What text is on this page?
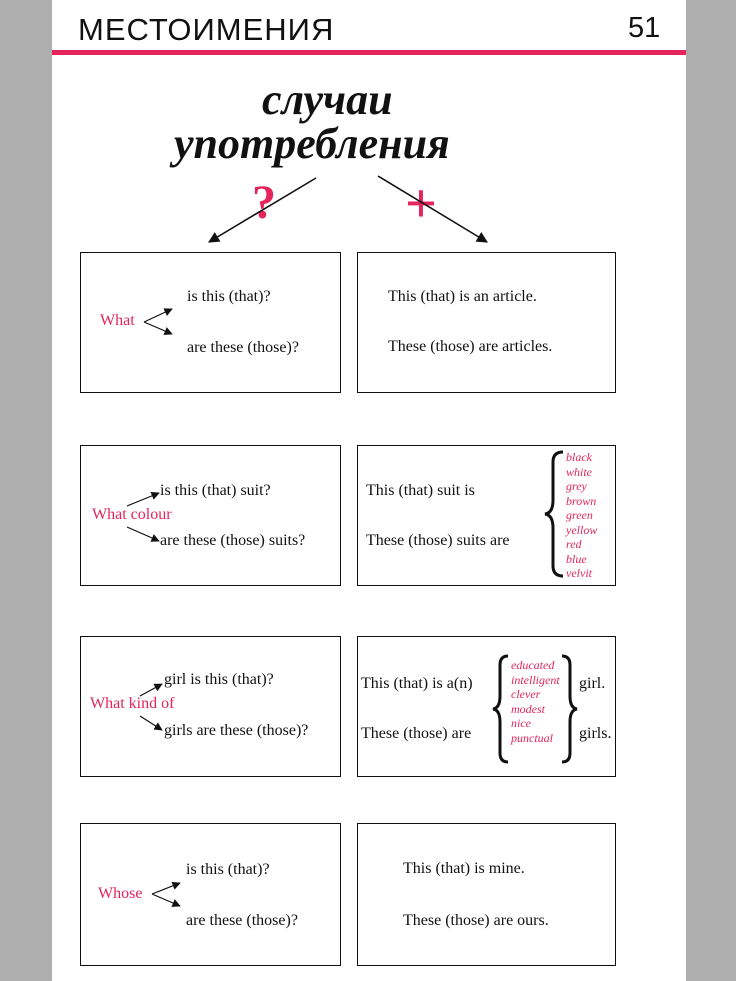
МЕСТОИМЕНИЯ	51
случаи
употребления
? +
What
is this (that)?
are these (those)?
This (that) is an article.
These (those) are articles.
What colour
is this (that) suit?
are these (those) suits?
This (that) suit is
These (those) suits are
black
white
grey
brown
green
yellow
red
blue
velvit
What kind of
girl is this (that)?
girls are these (those)?
This (that) is a(n)
These (those) are
educated
intelligent
clever
modest
nice
punctual
girl.
girls.
Whose
is this (that)?
are these (those)?
This (that) is mine.
These (those) are ours.
